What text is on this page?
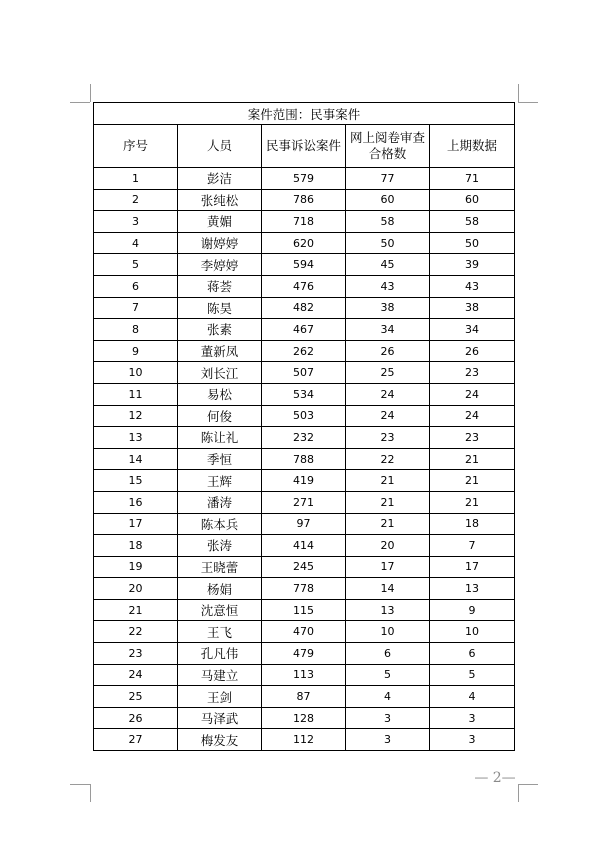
案件范围：民事案件				
序号	人员	民事诉讼案件	网上阅卷审查合格数	上期数据
1	彭洁	579	77	71
2	张纯松	786	60	60
3	黄媚	718	58	58
4	谢婷婷	620	50	50
5	李婷婷	594	45	39
6	蒋荟	476	43	43
7	陈昊	482	38	38
8	张素	467	34	34
9	董新凤	262	26	26
10	刘长江	507	25	23
11	易松	534	24	24
12	何俊	503	24	24
13	陈让礼	232	23	23
14	季恒	788	22	21
15	王辉	419	21	21
16	潘涛	271	21	21
17	陈本兵	97	21	18
18	张涛	414	20	7
19	王晓蕾	245	17	17
20	杨娟	778	14	13
21	沈意恒	115	13	9
22	王飞	470	10	10
23	孔凡伟	479	6	6
24	马建立	113	5	5
25	王剑	87	4	4
26	马泽武	128	3	3
27	梅发友	112	3	3
— 2—
